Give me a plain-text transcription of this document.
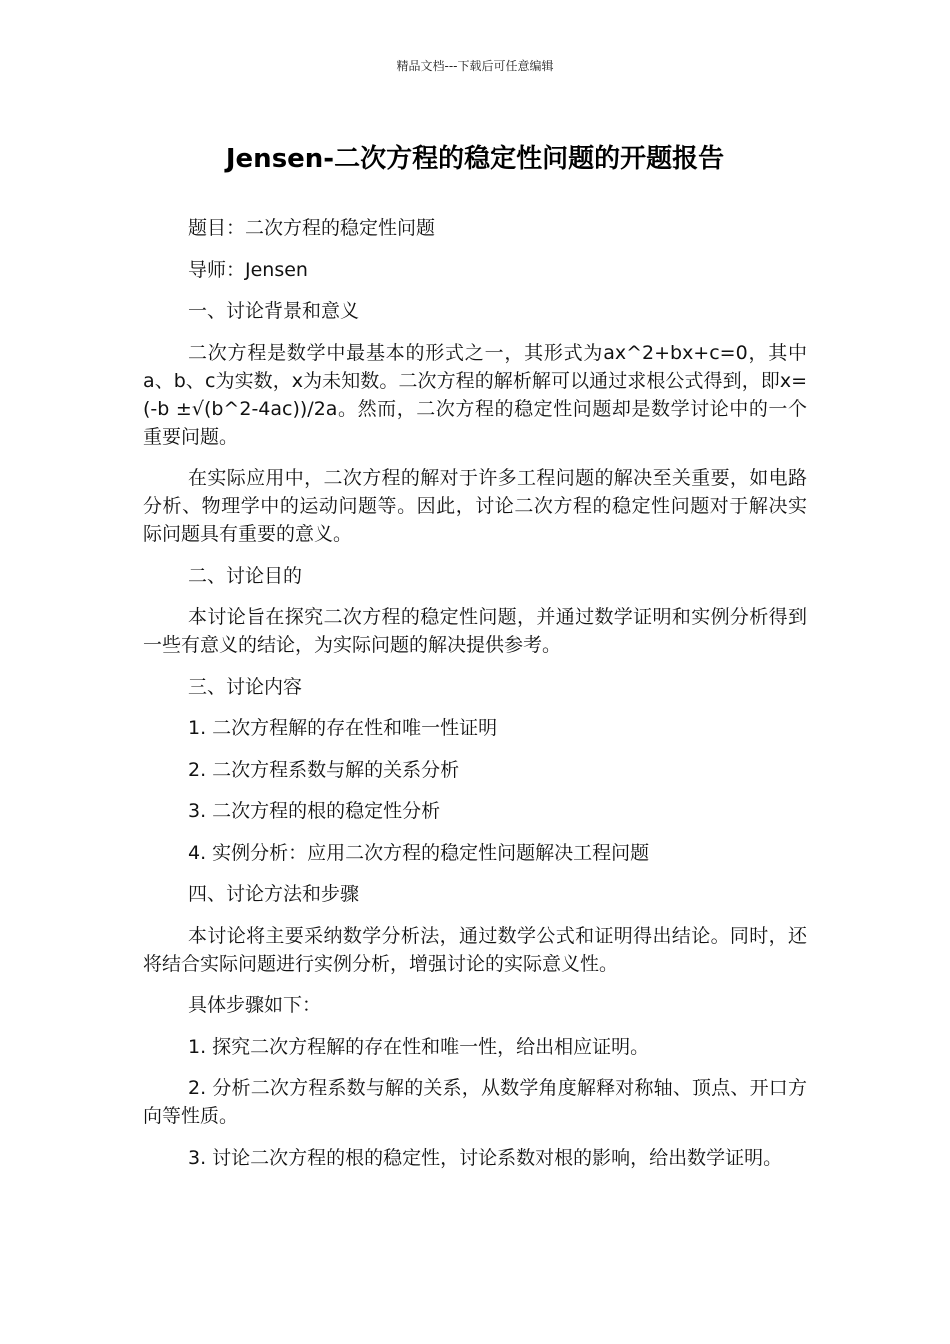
精品文档---下载后可任意编辑
Jensen-二次方程的稳定性问题的开题报告

题目：二次方程的稳定性问题

导师：Jensen

一、讨论背景和意义

二次方程是数学中最基本的形式之一，其形式为ax^2+bx+c=0，其中a、b、c为实数，x为未知数。二次方程的解析解可以通过求根公式得到，即x=(-b ±√(b^2-4ac))/2a。然而，二次方程的稳定性问题却是数学讨论中的一个重要问题。

在实际应用中，二次方程的解对于许多工程问题的解决至关重要，如电路分析、物理学中的运动问题等。因此，讨论二次方程的稳定性问题对于解决实际问题具有重要的意义。

二、讨论目的

本讨论旨在探究二次方程的稳定性问题，并通过数学证明和实例分析得到一些有意义的结论，为实际问题的解决提供参考。

三、讨论内容

1. 二次方程解的存在性和唯一性证明

2. 二次方程系数与解的关系分析

3. 二次方程的根的稳定性分析

4. 实例分析：应用二次方程的稳定性问题解决工程问题

四、讨论方法和步骤

本讨论将主要采纳数学分析法，通过数学公式和证明得出结论。同时，还将结合实际问题进行实例分析，增强讨论的实际意义性。

具体步骤如下：

1. 探究二次方程解的存在性和唯一性，给出相应证明。

2. 分析二次方程系数与解的关系，从数学角度解释对称轴、顶点、开口方向等性质。

3. 讨论二次方程的根的稳定性，讨论系数对根的影响，给出数学证明。
